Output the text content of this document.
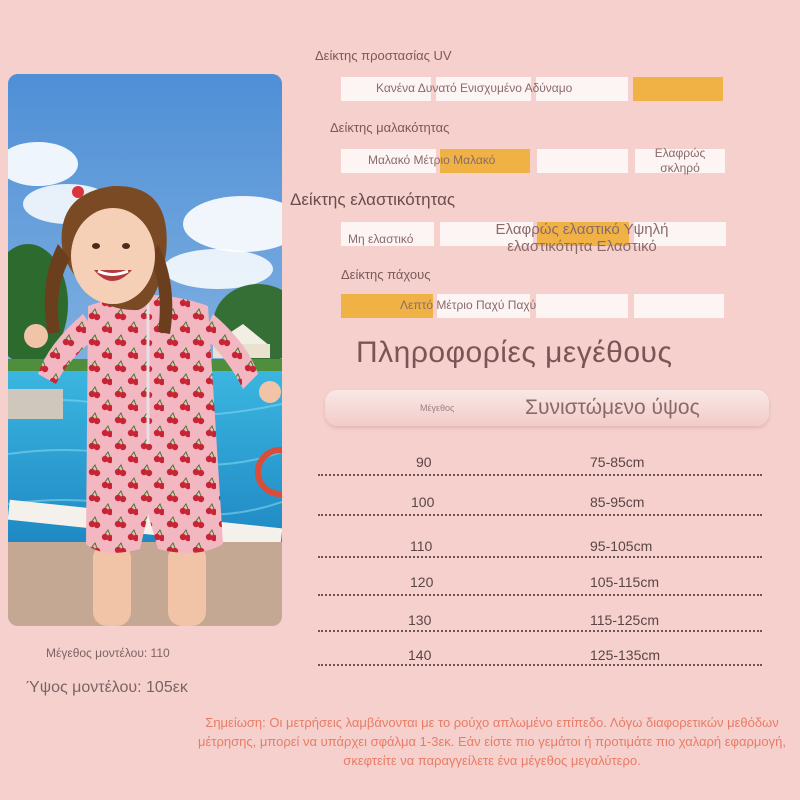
Δείκτης προστασίας UV
Κανένα Δυνατό Ενισχυμένο Αδύναμο
Δείκτης μαλακότητας
Μαλακό Μέτριο Μαλακό	Ελαφρώς σκληρό
Δείκτης ελαστικότητας
Μη ελαστικό
Ελαφρώς ελαστικό Υψηλή ελαστικότητα Ελαστικό
Δείκτης πάχους
Λεπτό Μέτριο Παχύ Παχύ
Πληροφορίες μεγέθους
Μέγεθος	Συνιστώμενο ύψος
90	75-85cm
100	85-95cm
110	95-105cm
120	105-115cm
130	115-125cm
140	125-135cm
Μέγεθος μοντέλου: 110
Ύψος μοντέλου: 105εκ
Σημείωση: Οι μετρήσεις λαμβάνονται με το ρούχο απλωμένο επίπεδο. Λόγω διαφορετικών μεθόδων μέτρησης, μπορεί να υπάρχει σφάλμα 1-3εκ. Εάν είστε πιο γεμάτοι ή προτιμάτε πιο χαλαρή εφαρμογή, σκεφτείτε να παραγγείλετε ένα μέγεθος μεγαλύτερο.
